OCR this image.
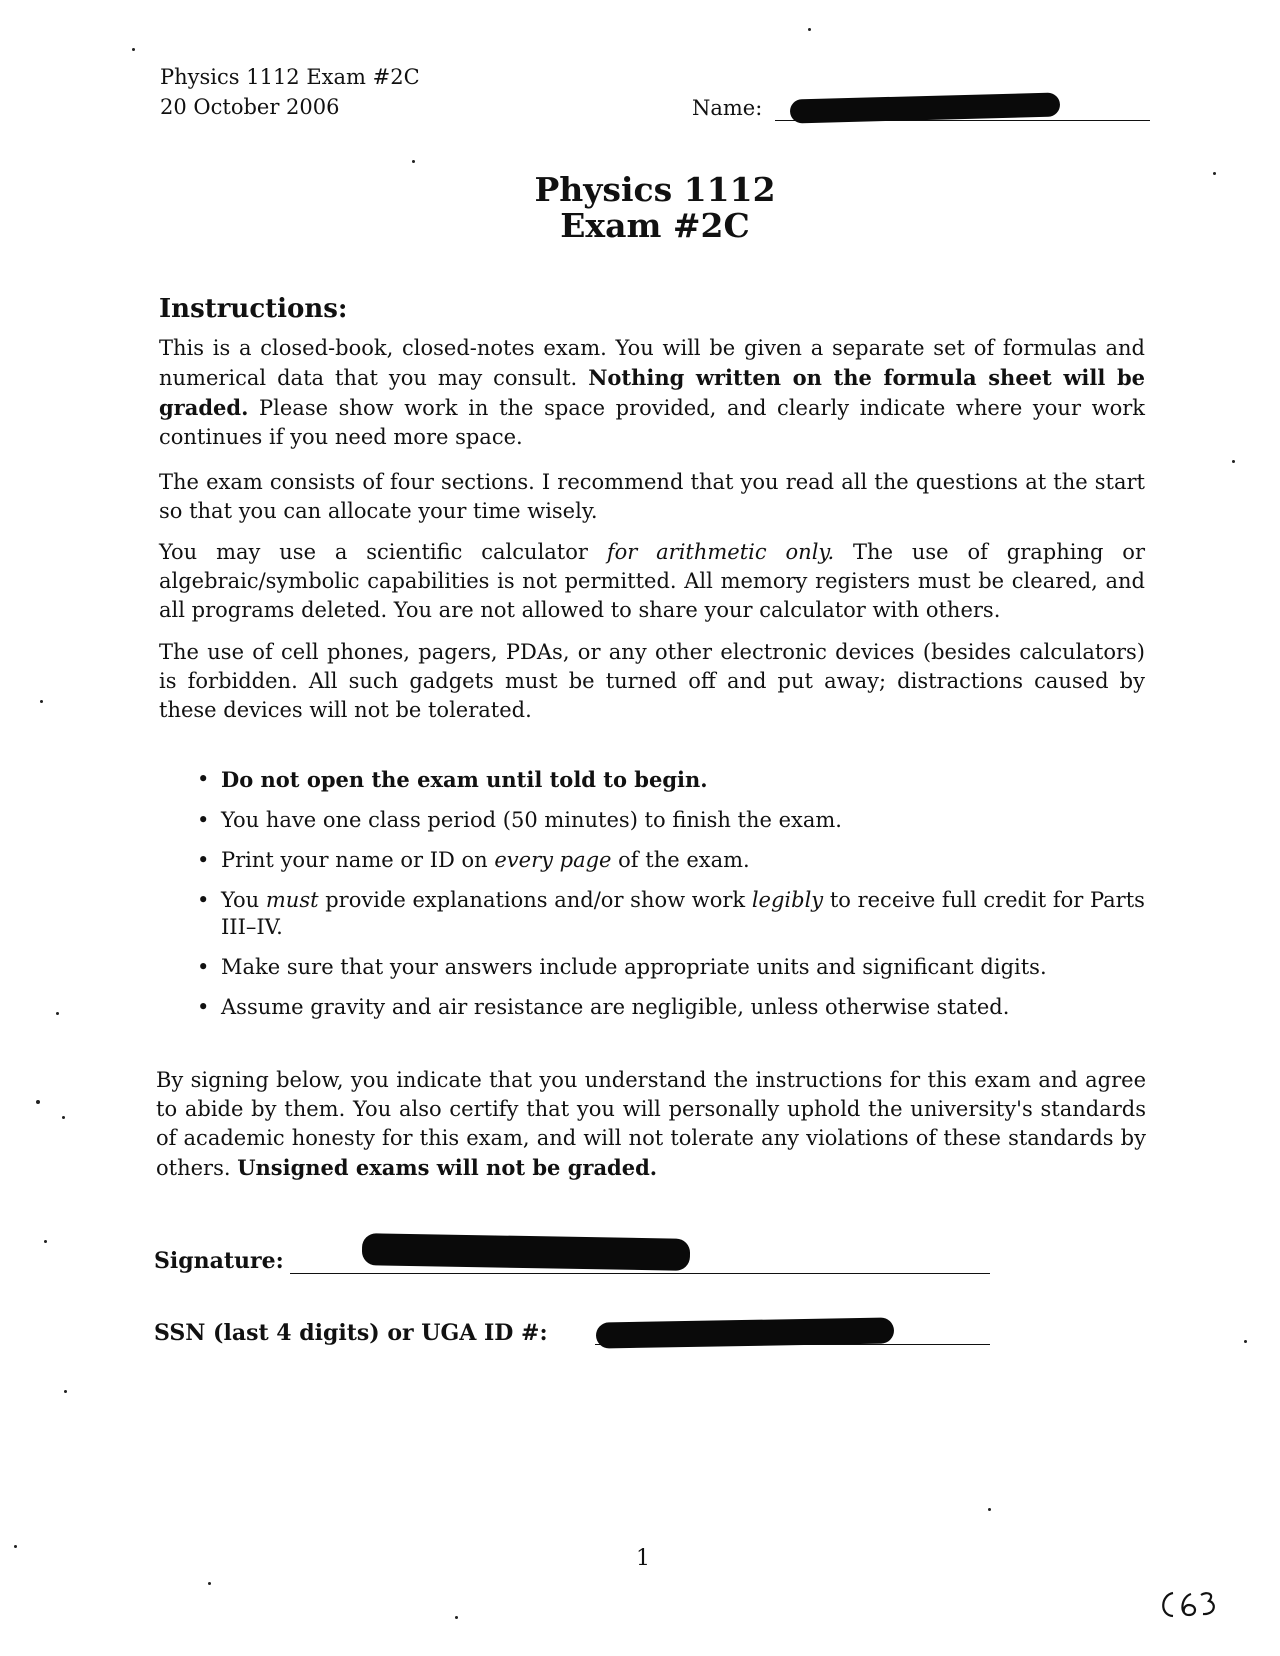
Physics 1112 Exam #2C
20 October 2006	Name:
Physics 1112
Exam #2C
Instructions:
This is a closed-book, closed-notes exam. You will be given a separate set of formulas and numerical data that you may consult. Nothing written on the formula sheet will be graded. Please show work in the space provided, and clearly indicate where your work continues if you need more space.
The exam consists of four sections. I recommend that you read all the questions at the start so that you can allocate your time wisely.
You may use a scientific calculator for arithmetic only. The use of graphing or algebraic/symbolic capabilities is not permitted. All memory registers must be cleared, and all programs deleted. You are not allowed to share your calculator with others.
The use of cell phones, pagers, PDAs, or any other electronic devices (besides calculators) is forbidden. All such gadgets must be turned off and put away; distractions caused by these devices will not be tolerated.
• Do not open the exam until told to begin.
• You have one class period (50 minutes) to finish the exam.
• Print your name or ID on every page of the exam.
• You must provide explanations and/or show work legibly to receive full credit for Parts III–IV.
• Make sure that your answers include appropriate units and significant digits.
• Assume gravity and air resistance are negligible, unless otherwise stated.
By signing below, you indicate that you understand the instructions for this exam and agree to abide by them. You also certify that you will personally uphold the university's standards of academic honesty for this exam, and will not tolerate any violations of these standards by others. Unsigned exams will not be graded.
Signature:
SSN (last 4 digits) or UGA ID #:
1
